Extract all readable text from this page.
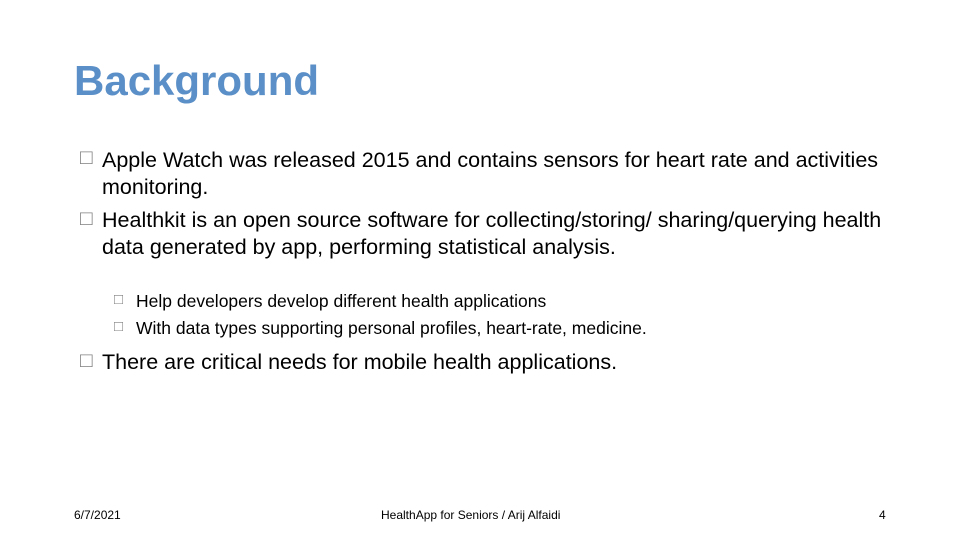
Background
□ Apple Watch was released 2015 and contains sensors for heart rate and activities monitoring.
□ Healthkit is an open source software for collecting/storing/ sharing/querying health data generated by app, performing statistical analysis.
□ Help developers develop different health applications
□ With data types supporting personal profiles, heart-rate, medicine.
□ There are critical needs for mobile health applications.
6/7/2021	HealthApp for Seniors / Arij Alfaidi	4
